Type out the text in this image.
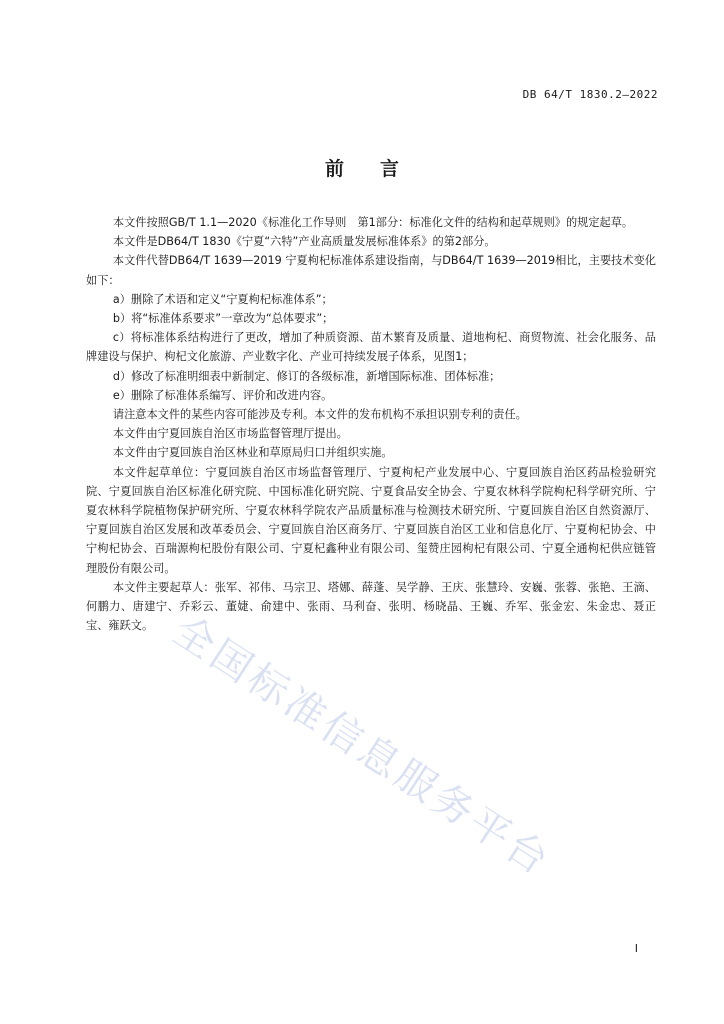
DB 64/T 1830.2—2022
前言

本文件按照GB/T 1.1—2020《标准化工作导则　第1部分：标准化文件的结构和起草规则》的规定起草。

本文件是DB64/T 1830《宁夏“六特”产业高质量发展标准体系》的第2部分。

本文件代替DB64/T 1639—2019 宁夏枸杞标准体系建设指南，与DB64/T 1639—2019相比，主要技术变化如下：

a）删除了术语和定义“宁夏枸杞标准体系”；

b）将“标准体系要求”一章改为“总体要求”；

c）将标准体系结构进行了更改，增加了种质资源、苗木繁育及质量、道地枸杞、商贸物流、社会化服务、品牌建设与保护、枸杞文化旅游、产业数字化、产业可持续发展子体系，见图1；

d）修改了标准明细表中新制定、修订的各级标准，新增国际标准、团体标准；

e）删除了标准体系编写、评价和改进内容。

请注意本文件的某些内容可能涉及专利。本文件的发布机构不承担识别专利的责任。

本文件由宁夏回族自治区市场监督管理厅提出。

本文件由宁夏回族自治区林业和草原局归口并组织实施。

本文件起草单位：宁夏回族自治区市场监督管理厅、宁夏枸杞产业发展中心、宁夏回族自治区药品检验研究院、宁夏回族自治区标准化研究院、中国标准化研究院、宁夏食品安全协会、宁夏农林科学院枸杞科学研究所、宁夏农林科学院植物保护研究所、宁夏农林科学院农产品质量标准与检测技术研究所、宁夏回族自治区自然资源厅、宁夏回族自治区发展和改革委员会、宁夏回族自治区商务厅、宁夏回族自治区工业和信息化厅、宁夏枸杞协会、中宁枸杞协会、百瑞源枸杞股份有限公司、宁夏杞鑫种业有限公司、玺赞庄园枸杞有限公司、宁夏全通枸杞供应链管理股份有限公司。

本文件主要起草人：张军、祁伟、马宗卫、塔娜、薛蓬、吴学静、王庆、张慧玲、安巍、张蓉、张艳、王滴、何鹏力、唐建宁、乔彩云、董婕、俞建中、张雨、马利奋、张明、杨晓晶、王巍、乔军、张金宏、朱金忠、聂正宝、雍跃文。 全国标准信息服务平台
I
